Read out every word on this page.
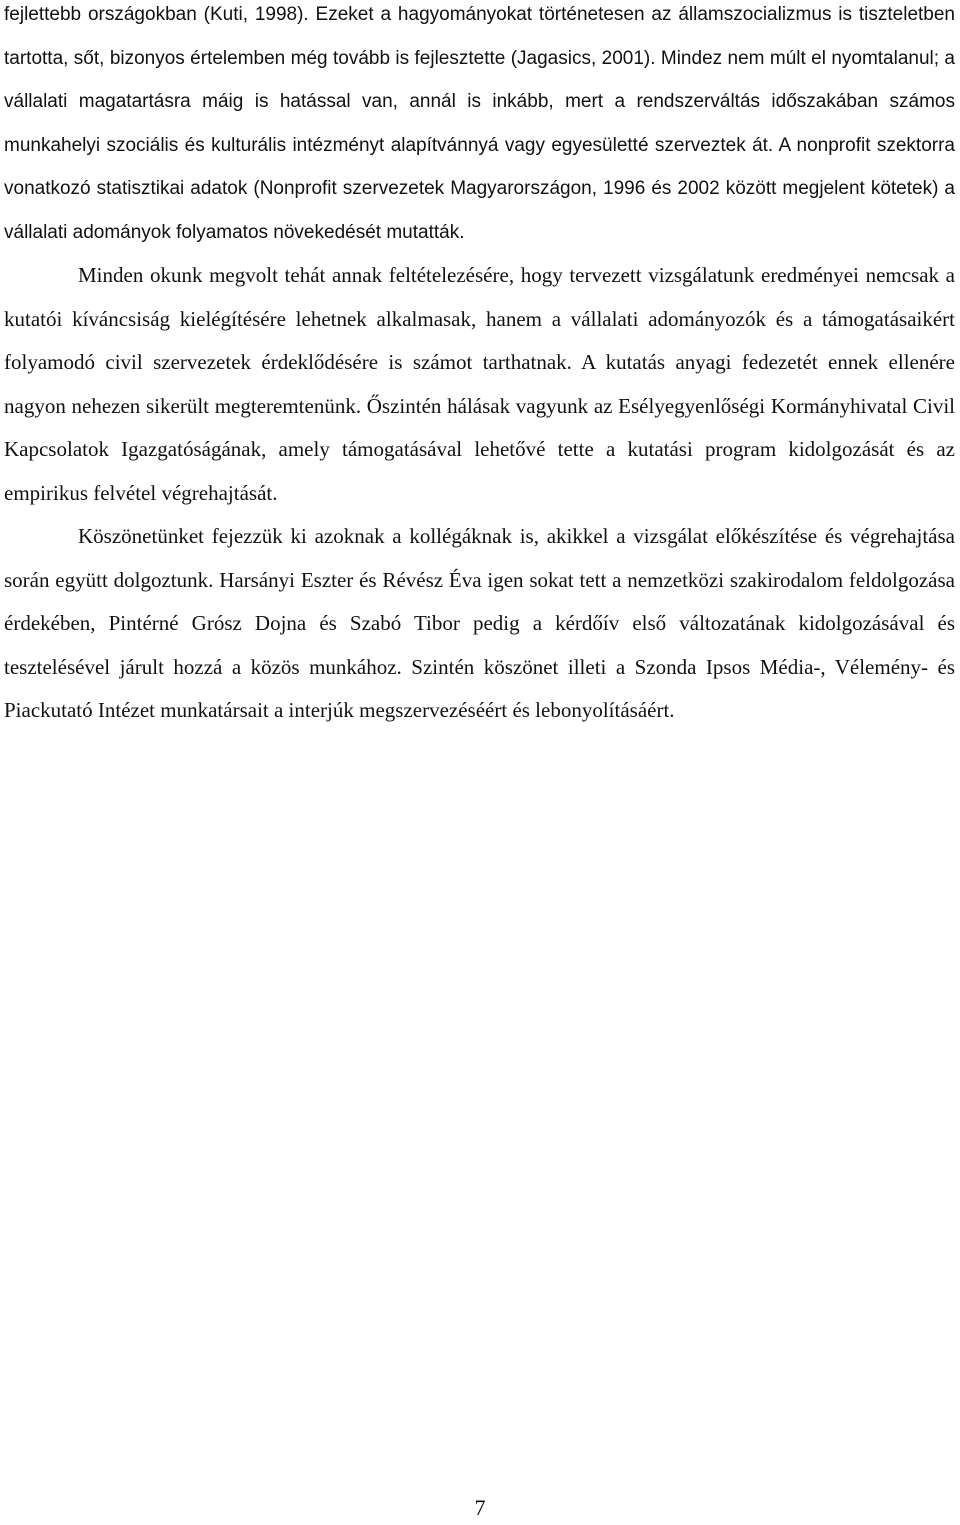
fejlettebb országokban (Kuti, 1998). Ezeket a hagyományokat történetesen az államszocializmus is tiszteletben tartotta, sőt, bizonyos értelemben még tovább is fejlesztette (Jagasics, 2001). Mindez nem múlt el nyomtalanul; a vállalati magatartásra máig is hatással van, annál is inkább, mert a rendszerváltás időszakában számos munkahelyi szociális és kulturális intézményt alapítvánnyá vagy egyesületté szerveztek át. A nonprofit szektorra vonatkozó statisztikai adatok (Nonprofit szervezetek Magyarországon, 1996 és 2002 között megjelent kötetek) a vállalati adományok folyamatos növekedését mutatták.

Minden okunk megvolt tehát annak feltételezésére, hogy tervezett vizsgálatunk eredményei nemcsak a kutatói kíváncsiság kielégítésére lehetnek alkalmasak, hanem a vállalati adományozók és a támogatásaikért folyamodó civil szervezetek érdeklődésére is számot tarthatnak. A kutatás anyagi fedezetét ennek ellenére nagyon nehezen sikerült megteremtenünk. Őszintén hálásak vagyunk az Esélyegyenlőségi Kormányhivatal Civil Kapcsolatok Igazgatóságának, amely támogatásával lehetővé tette a kutatási program kidolgozását és az empirikus felvétel végrehajtását.

Köszönetünket fejezzük ki azoknak a kollégáknak is, akikkel a vizsgálat előkészítése és végrehajtása során együtt dolgoztunk. Harsányi Eszter és Révész Éva igen sokat tett a nemzetközi szakirodalom feldolgozása érdekében, Pintérné Grósz Dojna és Szabó Tibor pedig a kérdőív első változatának kidolgozásával és tesztelésével járult hozzá a közös munkához. Szintén köszönet illeti a Szonda Ipsos Média-, Vélemény- és Piackutató Intézet munkatársait a interjúk megszervezéséért és lebonyolításáért.

7
